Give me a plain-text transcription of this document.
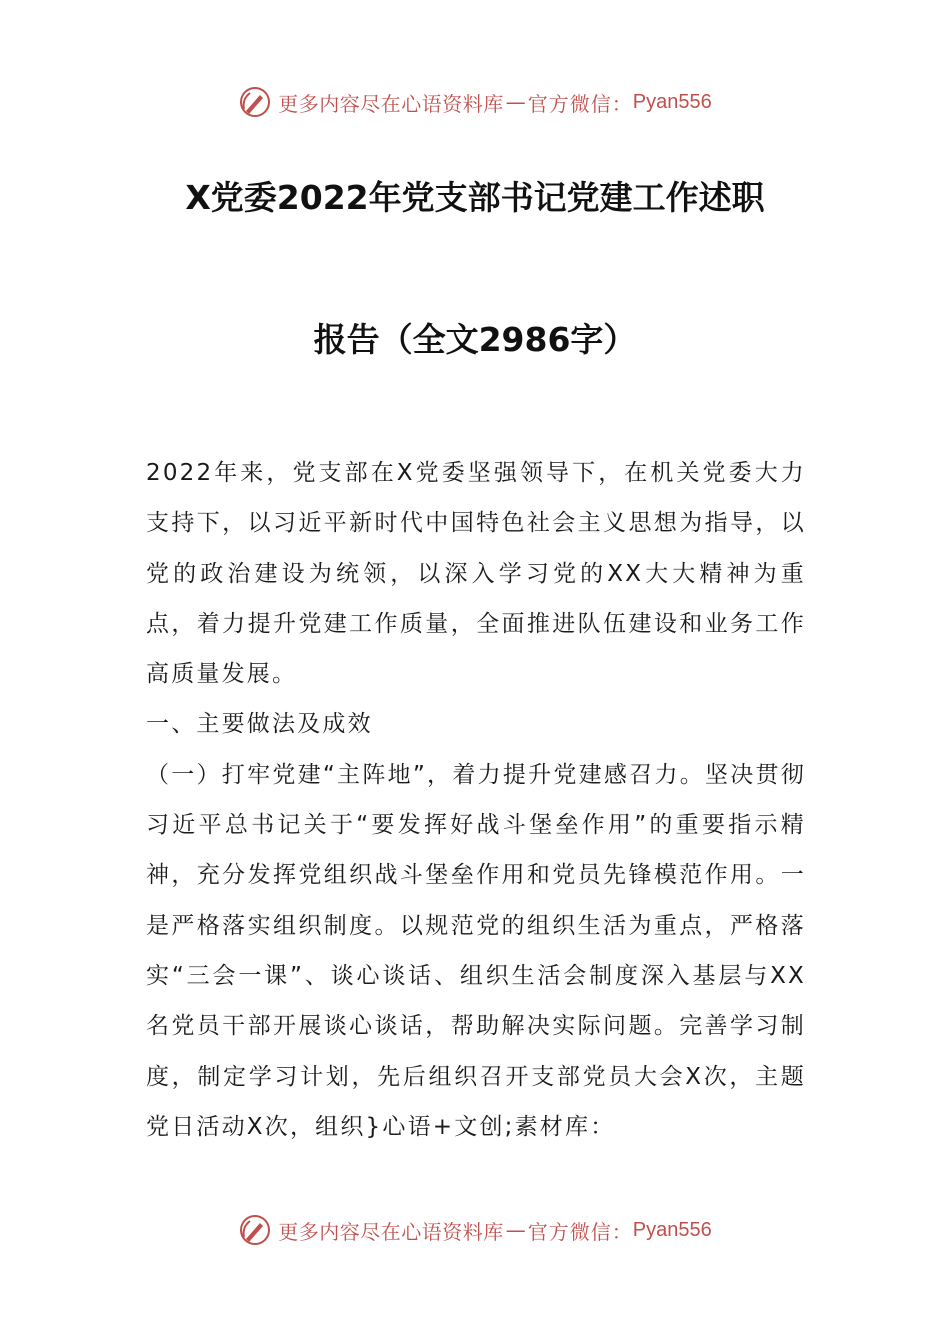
更多内容尽在心语资料库 — 官方微信： Pyan556
X党委2022年党支部书记党建工作述职
报告（全文2986字）

2022年来，党支部在X党委坚强领导下，在机关党委大力支持下，以习近平新时代中国特色社会主义思想为指导，以党的政治建设为统领，以深入学习党的XX大大精神为重点，着力提升党建工作质量，全面推进队伍建设和业务工作高质量发展。

一、主要做法及成效

（一）打牢党建“主阵地”，着力提升党建感召力。坚决贯彻习近平总书记关于“要发挥好战斗堡垒作用”的重要指示精神，充分发挥党组织战斗堡垒作用和党员先锋模范作用。一是严格落实组织制度。以规范党的组织生活为重点，严格落实“三会一课”、谈心谈话、组织生活会制度深入基层与XX名党员干部开展谈心谈话，帮助解决实际问题。完善学习制度，制定学习计划，先后组织召开支部党员大会X次，主题党日活动X次，组织}心语+文创;素材库：

更多内容尽在心语资料库 — 官方微信： Pyan556
